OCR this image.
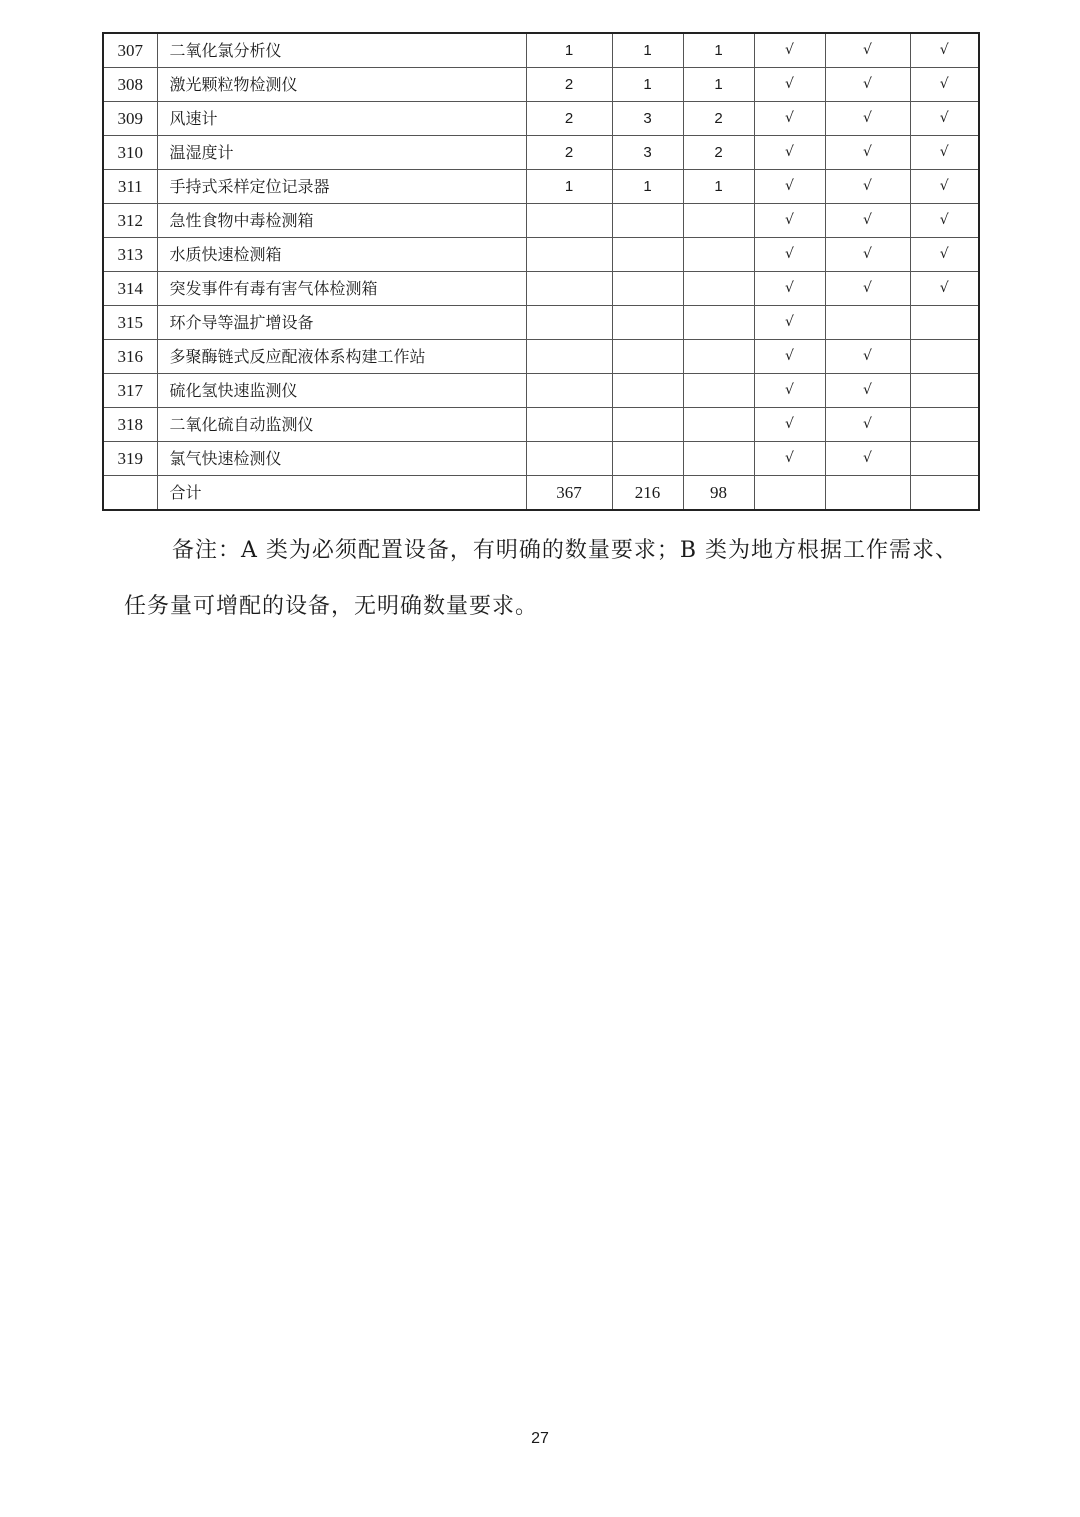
307	二氧化氯分析仪	1	1	1	√	√	√
308	激光颗粒物检测仪	2	1	1	√	√	√
309	风速计	2	3	2	√	√	√
310	温湿度计	2	3	2	√	√	√
311	手持式采样定位记录器	1	1	1	√	√	√
312	急性食物中毒检测箱				√	√	√
313	水质快速检测箱				√	√	√
314	突发事件有毒有害气体检测箱				√	√	√
315	环介导等温扩增设备				√		
316	多聚酶链式反应配液体系构建工作站				√	√	
317	硫化氢快速监测仪				√	√	
318	二氧化硫自动监测仪				√	√	
319	氯气快速检测仪				√	√	
	合计	367	216	98			
备注：A 类为必须配置设备，有明确的数量要求；B 类为地方根据工作需求、
任务量可增配的设备，无明确数量要求。
27
